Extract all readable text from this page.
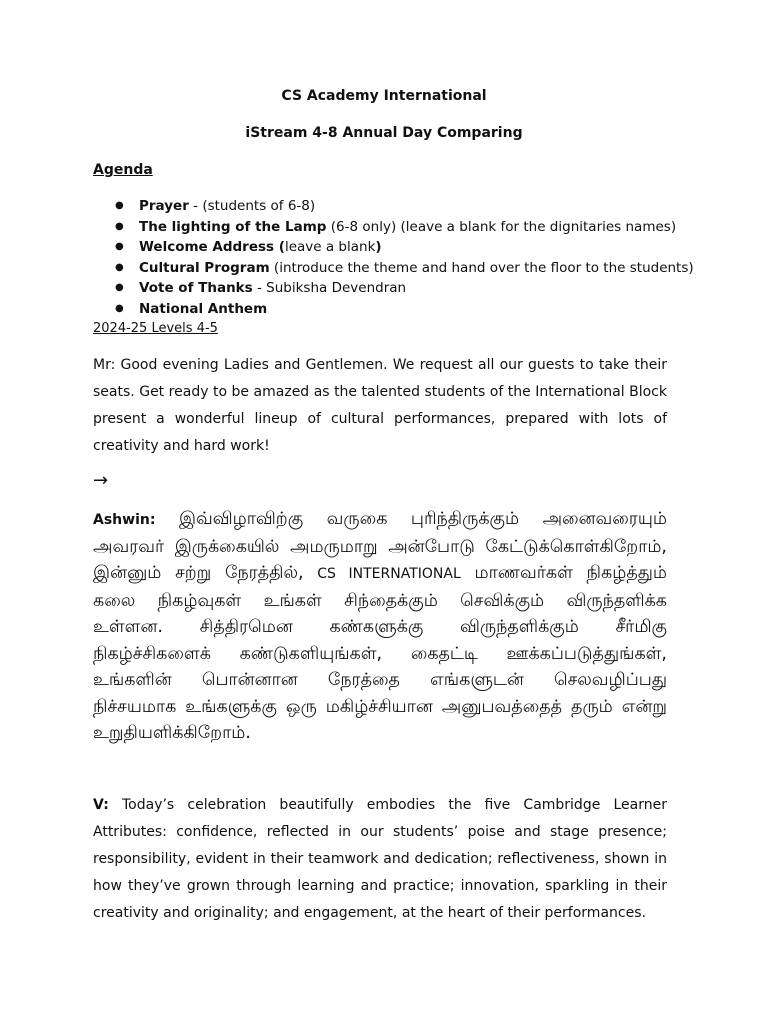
CS Academy International
iStream 4-8 Annual Day Comparing
Agenda
● Prayer - (students of 6-8)
● The lighting of the Lamp (6-8 only) (leave a blank for the dignitaries names)
● Welcome Address (leave a blank)
● Cultural Program (introduce the theme and hand over the floor to the students)
● Vote of Thanks - Subiksha Devendran
● National Anthem
2024-25 Levels 4-5

Mr: Good evening Ladies and Gentlemen. We request all our guests to take their seats. Get ready to be amazed as the talented students of the International Block present a wonderful lineup of cultural performances, prepared with lots of creativity and hard work!

→

Ashwin: இவ்விழாவிற்கு வருகை புரிந்திருக்கும் அனைவரையும் அவரவர் இருக்கையில் அமருமாறு அன்போடு கேட்டுக்கொள்கிறோம், இன்னும் சற்று நேரத்தில், CS INTERNATIONAL மாணவர்கள் நிகழ்த்தும் கலை நிகழ்வுகள் உங்கள் சிந்தைக்கும் செவிக்கும் விருந்தளிக்க உள்ளன. சித்திரமென கண்களுக்கு விருந்தளிக்கும் சீர்மிகு நிகழ்ச்சிகளைக் கண்டுகளியுங்கள், கைதட்டி ஊக்கப்படுத்துங்கள், உங்களின் பொன்னான நேரத்தை எங்களுடன் செலவழிப்பது நிச்சயமாக உங்களுக்கு ஒரு மகிழ்ச்சியான அனுபவத்தைத் தரும் என்று உறுதியளிக்கிறோம்.

V: Today’s celebration beautifully embodies the five Cambridge Learner Attributes: confidence, reflected in our students’ poise and stage presence; responsibility, evident in their teamwork and dedication; reflectiveness, shown in how they’ve grown through learning and practice; innovation, sparkling in their creativity and originality; and engagement, at the heart of their performances.
